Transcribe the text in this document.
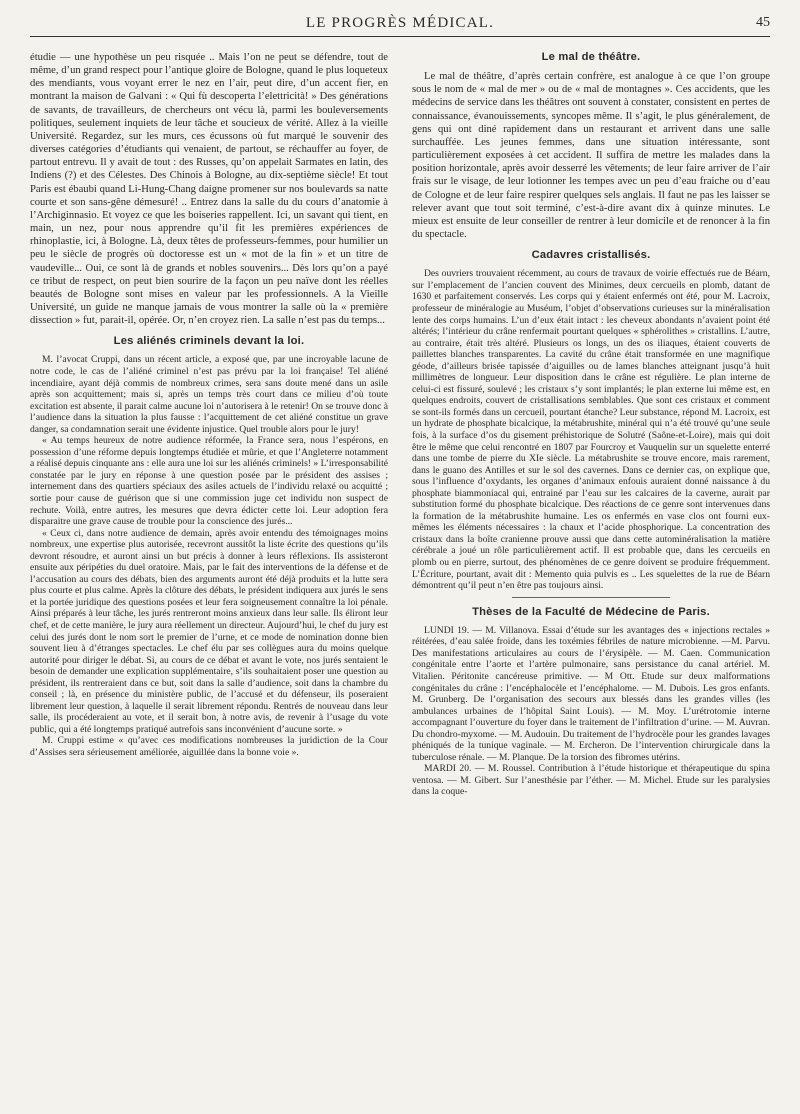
LE PROGRÈS MÉDICAL.	45

étudie — une hypothèse un peu risquée .. Mais l’on ne peut se défendre, tout de même, d’un grand respect pour l’antique gloire de Bologne, quand le plus loqueteux des mendiants, vous voyant errer le nez en l’air, peut dire, d’un accent fier, en montrant la maison de Galvani : « Qui fù descoperta l’elettricità! » Des générations de savants, de travailleurs, de chercheurs ont vécu là, parmi les bouleversements politiques, seulement inquiets de leur tâche et soucieux de vérité. Allez à la vieille Université. Regardez, sur les murs, ces écussons où fut marqué le souvenir des diverses catégories d’étudiants qui venaient, de partout, se réchauffer au foyer, de partout entrevu. Il y avait de tout : des Russes, qu’on appelait Sarmates en latin, des Indiens (?) et des Célestes. Des Chinois à Bologne, au dix-septième siècle! Et tout Paris est ébaubi quand Li-Hung-Chang daigne promener sur nos boulevards sa natte courte et son sans-gêne démesuré! .. Entrez dans la salle du du cours d’anatomie à l’Archiginnasio. Et voyez ce que les boiseries rappellent. Ici, un savant qui tient, en main, un nez, pour nous apprendre qu’il fit les premières expériences de rhinoplastie, ici, à Bologne. Là, deux têtes de professeurs-femmes, pour humilier un peu le siècle de progrès où doctoresse est un « mot de la fin » et un titre de vaudeville... Oui, ce sont là de grands et nobles souvenirs... Dès lors qu’on a payé ce tribut de respect, on peut bien sourire de la façon un peu naïve dont les réelles beautés de Bologne sont mises en valeur par les professionnels. A la Vieille Université, un guide ne manque jamais de vous montrer la salle où la « première dissection » fut, parait-il, opérée. Or, n’en croyez rien. La salle n’est pas du temps...

Les aliénés criminels devant la loi.

M. l’avocat Cruppi, dans un récent article, a exposé que, par une incroyable lacune de notre code, le cas de l’aliéné criminel n’est pas prévu par la loi française! Tel aliéné incendiaire, ayant déjà commis de nombreux crimes, sera sans doute mené dans un asile après son acquittement; mais si, après un temps très court dans ce milieu d’où toute excitation est absente, il parait calme aucune loi n’autorisera à le retenir! On se trouve donc à l’audience dans la situation la plus fausse : l’acquittement de cet aliéné constitue un grave danger, sa condamnation serait une évidente injustice. Quel trouble alors pour le jury!

« Au temps heureux de notre audience réformée, la France sera, nous l’espérons, en possession d’une réforme depuis longtemps étudiée et mûrie, et que l’Angleterre notamment a réalisé depuis cinquante ans : elle aura une loi sur les aliénés criminels! » L’irresponsabilité constatée par le jury en réponse à une question posée par le président des assises ; internement dans des quartiers spéciaux des asiles actuels de l’individu relaxé ou acquitté ; sortie pour cause de guérison que si une commission juge cet individu non suspect de rechute. Voilà, entre autres, les mesures que devra édicter cette loi. Leur adoption fera disparaitre une grave cause de trouble pour la conscience des jurés...

« Ceux ci, dans notre audience de demain, après avoir entendu des témoignages moins nombreux, une expertise plus autorisée, recevront aussitôt la liste écrite des questions qu’ils devront résoudre, et auront ainsi un but précis à donner à leurs réflexions. Ils assisteront ensuite aux péripéties du duel oratoire. Mais, par le fait des interventions de la défense et de l’accusation au cours des débats, bien des arguments auront été déjà produits et la lutte sera plus courte et plus calme. Après la clôture des débats, le président indiquera aux jurés le sens et la portée juridique des questions posées et leur fera soigneusement connaître la loi pénale. Ainsi préparés à leur tâche, les jurés rentreront moins anxieux dans leur salle. Ils éliront leur chef, et de cette manière, le jury aura réellement un directeur. Aujourd’hui, le chef du jury est celui des jurés dont le nom sort le premier de l’urne, et ce mode de nomination donne bien souvent lieu à d’étranges spectacles. Le chef élu par ses collègues aura du moins quelque autorité pour diriger le débat. Si, au cours de ce débat et avant le vote, nos jurés sentaient le besoin de demander une explication supplémentaire, s’ils souhaitaient poser une question au président, ils rentreraient dans ce but, soit dans la salle d’audience, soit dans la chambre du conseil ; là, en présence du ministère public, de l’accusé et du défenseur, ils poseraient librement leur question, à laquelle il serait librement répondu. Rentrés de nouveau dans leur salle, ils procéderaient au vote, et il serait bon, à notre avis, de revenir à l’usage du vote public, qui a été longtemps pratiqué autrefois sans inconvénient d’aucune sorte. »

M. Cruppi estime « qu’avec ces modifications nombreuses la juridiction de la Cour d’Assises sera sérieusement améliorée, aiguillée dans la bonne voie ».

Le mal de théâtre.

Le mal de théâtre, d’après certain confrère, est analogue à ce que l’on groupe sous le nom de « mal de mer » ou de « mal de montagnes ». Ces accidents, que les médecins de service dans les théâtres ont souvent à constater, consistent en pertes de connaissance, évanouissements, syncopes même. Il s’agit, le plus généralement, de gens qui ont diné rapidement dans un restaurant et arrivent dans une salle surchauffée. Les jeunes femmes, dans une situation intéressante, sont particulièrement exposées à cet accident. Il suffira de mettre les malades dans la position horizontale, après avoir desserré les vêtements; de leur faire arriver de l’air frais sur le visage, de leur lotionner les tempes avec un peu d’eau fraiche ou d’eau de Cologne et de leur faire respirer quelques sels anglais. Il faut ne pas les laisser se relever avant que tout soit terminé, c’est-à-dire avant dix à quinze minutes. Le mieux est ensuite de leur conseiller de rentrer à leur domicile et de renoncer à la fin du spectacle.

Cadavres cristallisés.

Des ouvriers trouvaient récemment, au cours de travaux de voirie effectués rue de Béarn, sur l’emplacement de l’ancien couvent des Minimes, deux cercueils en plomb, datant de 1630 et parfaitement conservés. Les corps qui y étaient enfermés ont été, pour M. Lacroix, professeur de minéralogie au Muséum, l’objet d’observations curieuses sur la minéralisation lente des corps humains. L’un d’eux était intact : les cheveux abondants n’avaient point été altérés; l’intérieur du crâne renfermait pourtant quelques « sphérolithes » cristallins. L’autre, au contraire, était très altéré. Plusieurs os longs, un des os iliaques, étaient couverts de paillettes blanches transparentes. La cavité du crâne était transformée en une magnifique géode, d’ailleurs brisée tapissée d’aiguilles ou de lames blanches atteignant jusqu’à huit millimètres de longueur. Leur disposition dans le crâne est régulière. Le plan interne de celui-ci est fissuré, soulevé ; les cristaux s’y sont implantés; le plan externe lui même est, en quelques endroits, couvert de cristallisations semblables. Que sont ces cristaux et comment se sont-ils formés dans un cercueil, pourtant étanche? Leur substance, répond M. Lacroix, est un hydrate de phosphate bicalcique, la métabrushite, minéral qui n’a été trouvé qu’une seule fois, à la surface d’os du gisement préhistorique de Solutré (Saône-et-Loire), mais qui doit être le même que celui rencontré en 1807 par Fourcroy et Vauquelin sur un squelette enterré dans une tombe de pierre du XIe siècle. La métabrushite se trouve encore, mais rarement, dans le guano des Antilles et sur le sol des cavernes. Dans ce dernier cas, on explique que, sous l’influence d’oxydants, les organes d’animaux enfouis auraient donné naissance à du phosphate biammoniacal qui, entrainé par l’eau sur les calcaires de la caverne, aurait par substitution formé du phosphate bicalcique. Des réactions de ce genre sont intervenues dans la formation de la métabrushite humaine. Les os enfermés en vase clos ont fourni eux-mêmes les éléments nécessaires : la chaux et l’acide phosphorique. La concentration des cristaux dans la boîte cranienne prouve aussi que dans cette autominéralisation la matière cérébrale a joué un rôle particulièrement actif. Il est probable que, dans les cercueils en plomb ou en pierre, surtout, des phénomènes de ce genre doivent se produire fréquemment. L’Écriture, pourtant, avait dit : Memento quia pulvis es .. Les squelettes de la rue de Béarn démontrent qu’il peut n’en être pas toujours ainsi.

Thèses de la Faculté de Médecine de Paris.

LUNDI 19. — M. Villanova. Essai d’étude sur les avantages des « injections rectales » réitérées, d’eau salée froide, dans les toxémies fébriles de nature microbienne. —M. Parvu. Des manifestations articulaires au cours de l’érysipèle. — M. Caen. Communication congénitale entre l’aorte et l’artère pulmonaire, sans persistance du canal artériel. M. Vitalien. Péritonite cancéreuse primitive. — M Ott. Etude sur deux malformations congénitales du crâne : l’encéphalocèle et l’encéphalome. — M. Dubois. Les gros enfants. M. Grunberg. De l’organisation des secours aux blessés dans les grandes villes (les ambulances urbaines de l’hôpital Saint Louis). — M. Moy. L’urétrotomie interne accompagnant l’ouverture du foyer dans le traitement de l’infiltration d’urine. — M. Auvran. Du chondro-myxome. — M. Audouin. Du traitement de l’hydrocèle pour les grandes lavages phéniqués de la tunique vaginale. — M. Ercheron. De l’intervention chirurgicale dans la tuberculose rénale. — M. Planque. De la torsion des fibromes utérins.

MARDI 20. — M. Roussel. Contribution à l’étude historique et thérapeutique du spina ventosa. — M. Gibert. Sur l’anesthésie par l’éther. — M. Michel. Etude sur les paralysies dans la coque-
